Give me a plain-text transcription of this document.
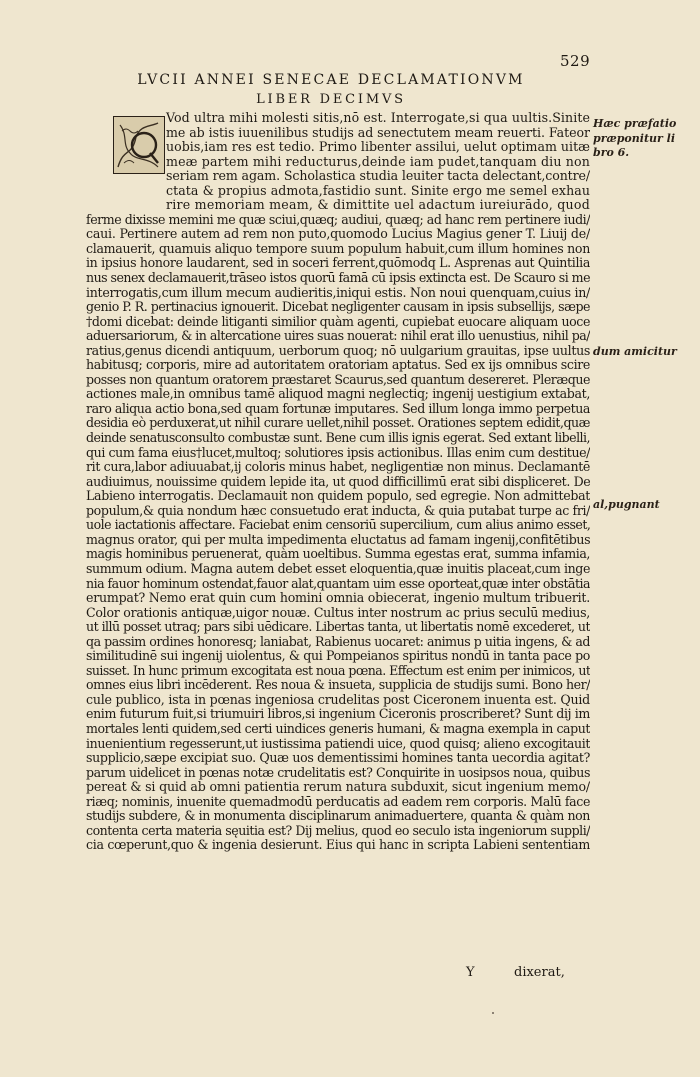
529
LVCII ANNEI SENECAE DECLAMATIONVM
LIBER DECIMVS
Vod ultra mihi molesti sitis,nō est. Interrogate,si qua uultis.Sinite
me ab istis iuuenilibus studijs ad senectutem meam reuerti. Fateor
uobis,iam res est tedio. Primo libenter assilui, uelut optimam uitæ
meæ partem mihi reducturus,deinde iam pudet,tanquam diu non
seriam rem agam. Scholastica studia leuiter tacta delectant,contre/
ctata & propius admota,fastidio sunt. Sinite ergo me semel exhau
rire memoriam meam, & dimittite uel adactum iureiurādo, quod
ferme dixisse memini me quæ sciui,quæq; audiui, quæq; ad hanc rem pertinere iudi/
caui. Pertinere autem ad rem non puto,quomodo Lucius Magius gener T. Liuij de/
clamauerit, quamuis aliquo tempore suum populum habuit,cum illum homines non
in ipsius honore laudarent, sed in soceri ferrent,quōmodq L. Asprenas aut Quintilia
nus senex declamauerit,trāseo istos quorū famā cū ipsis extincta est. De Scauro si me
interrogatis,cum illum mecum audieritis,iniqui estis. Non noui quenquam,cuius in/
genio P. R. pertinacius ignouerit. Dicebat negligenter causam in ipsis subsellijs, sæpe
†domi dicebat: deinde litiganti similior quàm agenti, cupiebat euocare aliquam uoce
aduersariorum, & in altercatione uires suas nouerat: nihil erat illo uenustius, nihil pa/
ratius,genus dicendi antiquum, uerborum quoq; nō uulgarium grauitas, ipse uultus
habitusq; corporis, mire ad autoritatem oratoriam aptatus. Sed ex ijs omnibus scire
posses non quantum oratorem præstaret Scaurus,sed quantum desereret. Pleræque
actiones male,in omnibus tamē aliquod magni neglectiq; ingenij uestigium extabat,
raro aliqua actio bona,sed quam fortunæ imputares. Sed illum longa immo perpetua
desidia eò perduxerat,ut nihil curare uellet,nihil posset. Orationes septem edidit,quæ
deinde senatusconsulto combustæ sunt. Bene cum illis ignis egerat. Sed extant libelli,
qui cum fama eius†lucet,multoq; solutiores ipsis actionibus. Illas enim cum destitue/
rit cura,labor adiuuabat,ij coloris minus habet, negligentiæ non minus. Declamantē
audiuimus, nouissime quidem lepide ita, ut quod difficillimū erat sibi displiceret. De
Labieno interrogatis. Declamauit non quidem populo, sed egregie. Non admittebat
populum,& quia nondum hæc consuetudo erat inducta, & quia putabat turpe ac fri/
uole iactationis affectare. Faciebat enim censoriū supercilium, cum alius animo esset,
magnus orator, qui per multa impedimenta eluctatus ad famam ingenij,confitētibus
magis hominibus peruenerat, quàm uoeltibus. Summa egestas erat, summa infamia,
summum odium. Magna autem debet esset eloquentia,quæ inuitis placeat,cum inge
nia fauor hominum ostendat,fauor alat,quantam uim esse oporteat,quæ inter obstātia
erumpat? Nemo erat quin cum homini omnia obiecerat, ingenio multum tribuerit.
Color orationis antiquæ,uigor nouæ. Cultus inter nostrum ac prius seculū medius,
ut illū posset utraq; pars sibi uēdicare. Libertas tanta, ut libertatis nomē excederet, ut
qa passim ordines honoresq; laniabat, Rabienus uocaret: animus p uitia ingens, & ad
similitudinē sui ingenij uiolentus, & qui Pompeianos spiritus nondū in tanta pace po
suisset. In hunc primum excogitata est noua pœna. Effectum est enim per inimicos, ut
omnes eius libri incēderent. Res noua & insueta, supplicia de studijs sumi. Bono her/
cule publico, ista in pœnas ingeniosa crudelitas post Ciceronem inuenta est. Quid
enim futurum fuit,si triumuiri libros,si ingenium Ciceronis proscriberet? Sunt dij im
mortales lenti quidem,sed certi uindices generis humani, & magna exempla in caput
inuenientium regesserunt,ut iustissima patiendi uice, quod quisq; alieno excogitauit
supplicio,sæpe excipiat suo. Quæ uos dementissimi homines tanta uecordia agitat?
parum uidelicet in pœnas notæ crudelitatis est? Conquirite in uosipsos noua, quibus
pereat & si quid ab omni patientia rerum natura subduxit, sicut ingenium memo/
riæq; nominis, inuenite quemadmodū perducatis ad eadem rem corporis. Malū face
studijs subdere, & in monumenta disciplinarum animaduertere, quanta & quàm non
contenta certa materia sęuitia est? Dij melius, quod eo seculo ista ingeniorum suppli/
cia cœperunt,quo & ingenia desierunt. Eius qui hanc in scripta Labieni sententiam
Hæc præfatio
præponitur li
bro 6.
dum amicitur
al,pugnant
Y	dixerat,
